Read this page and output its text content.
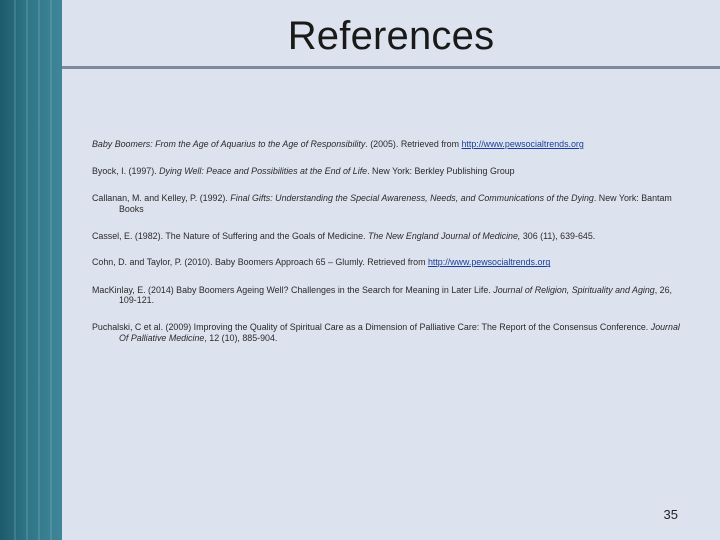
References
Baby Boomers: From the Age of Aquarius to the Age of Responsibility. (2005). Retrieved from http://www.pewsocialtrends.org
Byock, I. (1997). Dying Well: Peace and Possibilities at the End of Life. New York: Berkley Publishing Group
Callanan, M. and Kelley, P. (1992). Final Gifts: Understanding the Special Awareness, Needs, and Communications of the Dying. New York: Bantam Books
Cassel, E. (1982). The Nature of Suffering and the Goals of Medicine. The New England Journal of Medicine, 306 (11), 639-645.
Cohn, D. and Taylor, P. (2010). Baby Boomers Approach 65 – Glumly. Retrieved from http://www.pewsocialtrends.org
MacKinlay, E. (2014) Baby Boomers Ageing Well? Challenges in the Search for Meaning in Later Life. Journal of Religion, Spirituality and Aging, 26, 109-121.
Puchalski, C et al. (2009) Improving the Quality of Spiritual Care as a Dimension of Palliative Care: The Report of the Consensus Conference. Journal Of Palliative Medicine, 12 (10), 885-904.
35
